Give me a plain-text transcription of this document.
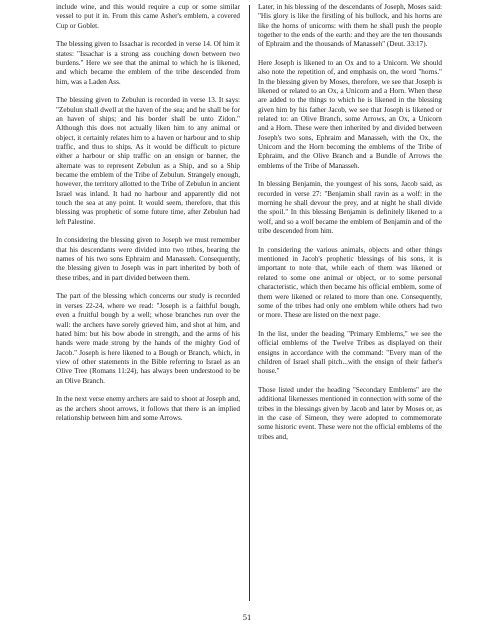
include wine, and this would require a cup or some similar vessel to put it in. From this came Asher's emblem, a covered Cup or Goblet.

The blessing given to Issachar is recorded in verse 14. Of him it states: "Issachar is a strong ass couching down between two burdens." Here we see that the animal to which he is likened, and which became the emblem of the tribe descended from him, was a Laden Ass.

The blessing given to Zebulun is recorded in verse 13. It says: "Zebulun shall dwell at the haven of the sea; and he shall be for an haven of ships; and his border shall be unto Zidon." Although this does not actually liken him to any animal or object, it certainly relates him to a haven or harbour and to ship traffic, and thus to ships. As it would be difficult to picture either a harbour or ship traffic on an ensign or banner, the alternate was to represent Zebulun as a Ship, and so a Ship became the emblem of the Tribe of Zebulun. Strangely enough, however, the territory allotted to the Tribe of Zebulun in ancient Israel was inland. It had no harbour and apparently did not touch the sea at any point. It would seem, therefore, that this blessing was prophetic of some future time, after Zebulun had left Palestine.

In considering the blessing given to Joseph we must remember that his descendants were divided into two tribes, bearing the names of his two sons Ephraim and Manasseh. Consequently, the blessing given to Joseph was in part inherited by both of these tribes, and in part divided between them.

The part of the blessing which concerns our study is recorded in verses 22-24, where we read: "Joseph is a faithful bough, even a fruitful bough by a well; whose branches run over the wall: the archers have sorely grieved him, and shot at him, and hated him: but his bow abode in strength, and the arms of his hands were made strong by the hands of the mighty God of Jacob." Joseph is here likened to a Bough or Branch, which, in view of other statements in the Bible referring to Israel as an Olive Tree (Romans 11:24), has always been understood to be an Olive Branch.

In the next verse enemy archers are said to shoot at Joseph and, as the archers shoot arrows, it follows that there is an implied relationship between him and some Arrows.

Later, in his blessing of the descendants of Joseph, Moses said: "His glory is like the firstling of his bullock, and his horns are like the horns of unicorns: with them he shall push the people together to the ends of the earth: and they are the ten thousands of Ephraim and the thousands of Manasseh" (Deut. 33:17).

Here Joseph is likened to an Ox and to a Unicorn. We should also note the repetition of, and emphasis on, the word "horns." In the blessing given by Moses, therefore, we see that Joseph is likened or related to an Ox, a Unicorn and a Horn. When these are added to the things to which he is likened in the blessing given him by his father Jacob, we see that Joseph is likened or related to: an Olive Branch, some Arrows, an Ox, a Unicorn and a Horn. These were then inherited by and divided between Joseph's two sons, Ephraim and Manasseh, with the Ox, the Unicorn and the Horn becoming the emblems of the Tribe of Ephraim, and the Olive Branch and a Bundle of Arrows the emblems of the Tribe of Manasseh.

In blessing Benjamin, the youngest of his sons, Jacob said, as recorded in verse 27: "Benjamin shall ravin as a wolf: in the morning he shall devour the prey, and at night he shall divide the spoil." In this blessing Benjamin is definitely likened to a wolf, and so a wolf became the emblem of Benjamin and of the tribe descended from him.

In considering the various animals, objects and other things mentioned in Jacob's prophetic blessings of his sons, it is important to note that, while each of them was likened or related to some one animal or object, or to some personal characteristic, which then became his official emblem, some of them were likened or related to more than one. Consequently, some of the tribes had only one emblem while others had two or more. These are listed on the next page.

In the list, under the heading "Primary Emblems," we see the official emblems of the Twelve Tribes as displayed on their ensigns in accordance with the command: "Every man of the children of Israel shall pitch...with the ensign of their father's house."

Those listed under the heading "Secondary Emblems" are the additional likenesses mentioned in connection with some of the tribes in the blessings given by Jacob and later by Moses or, as in the case of Simeon, they were adopted to commemorate some historic event. These were not the official emblems of the tribes and,

51
